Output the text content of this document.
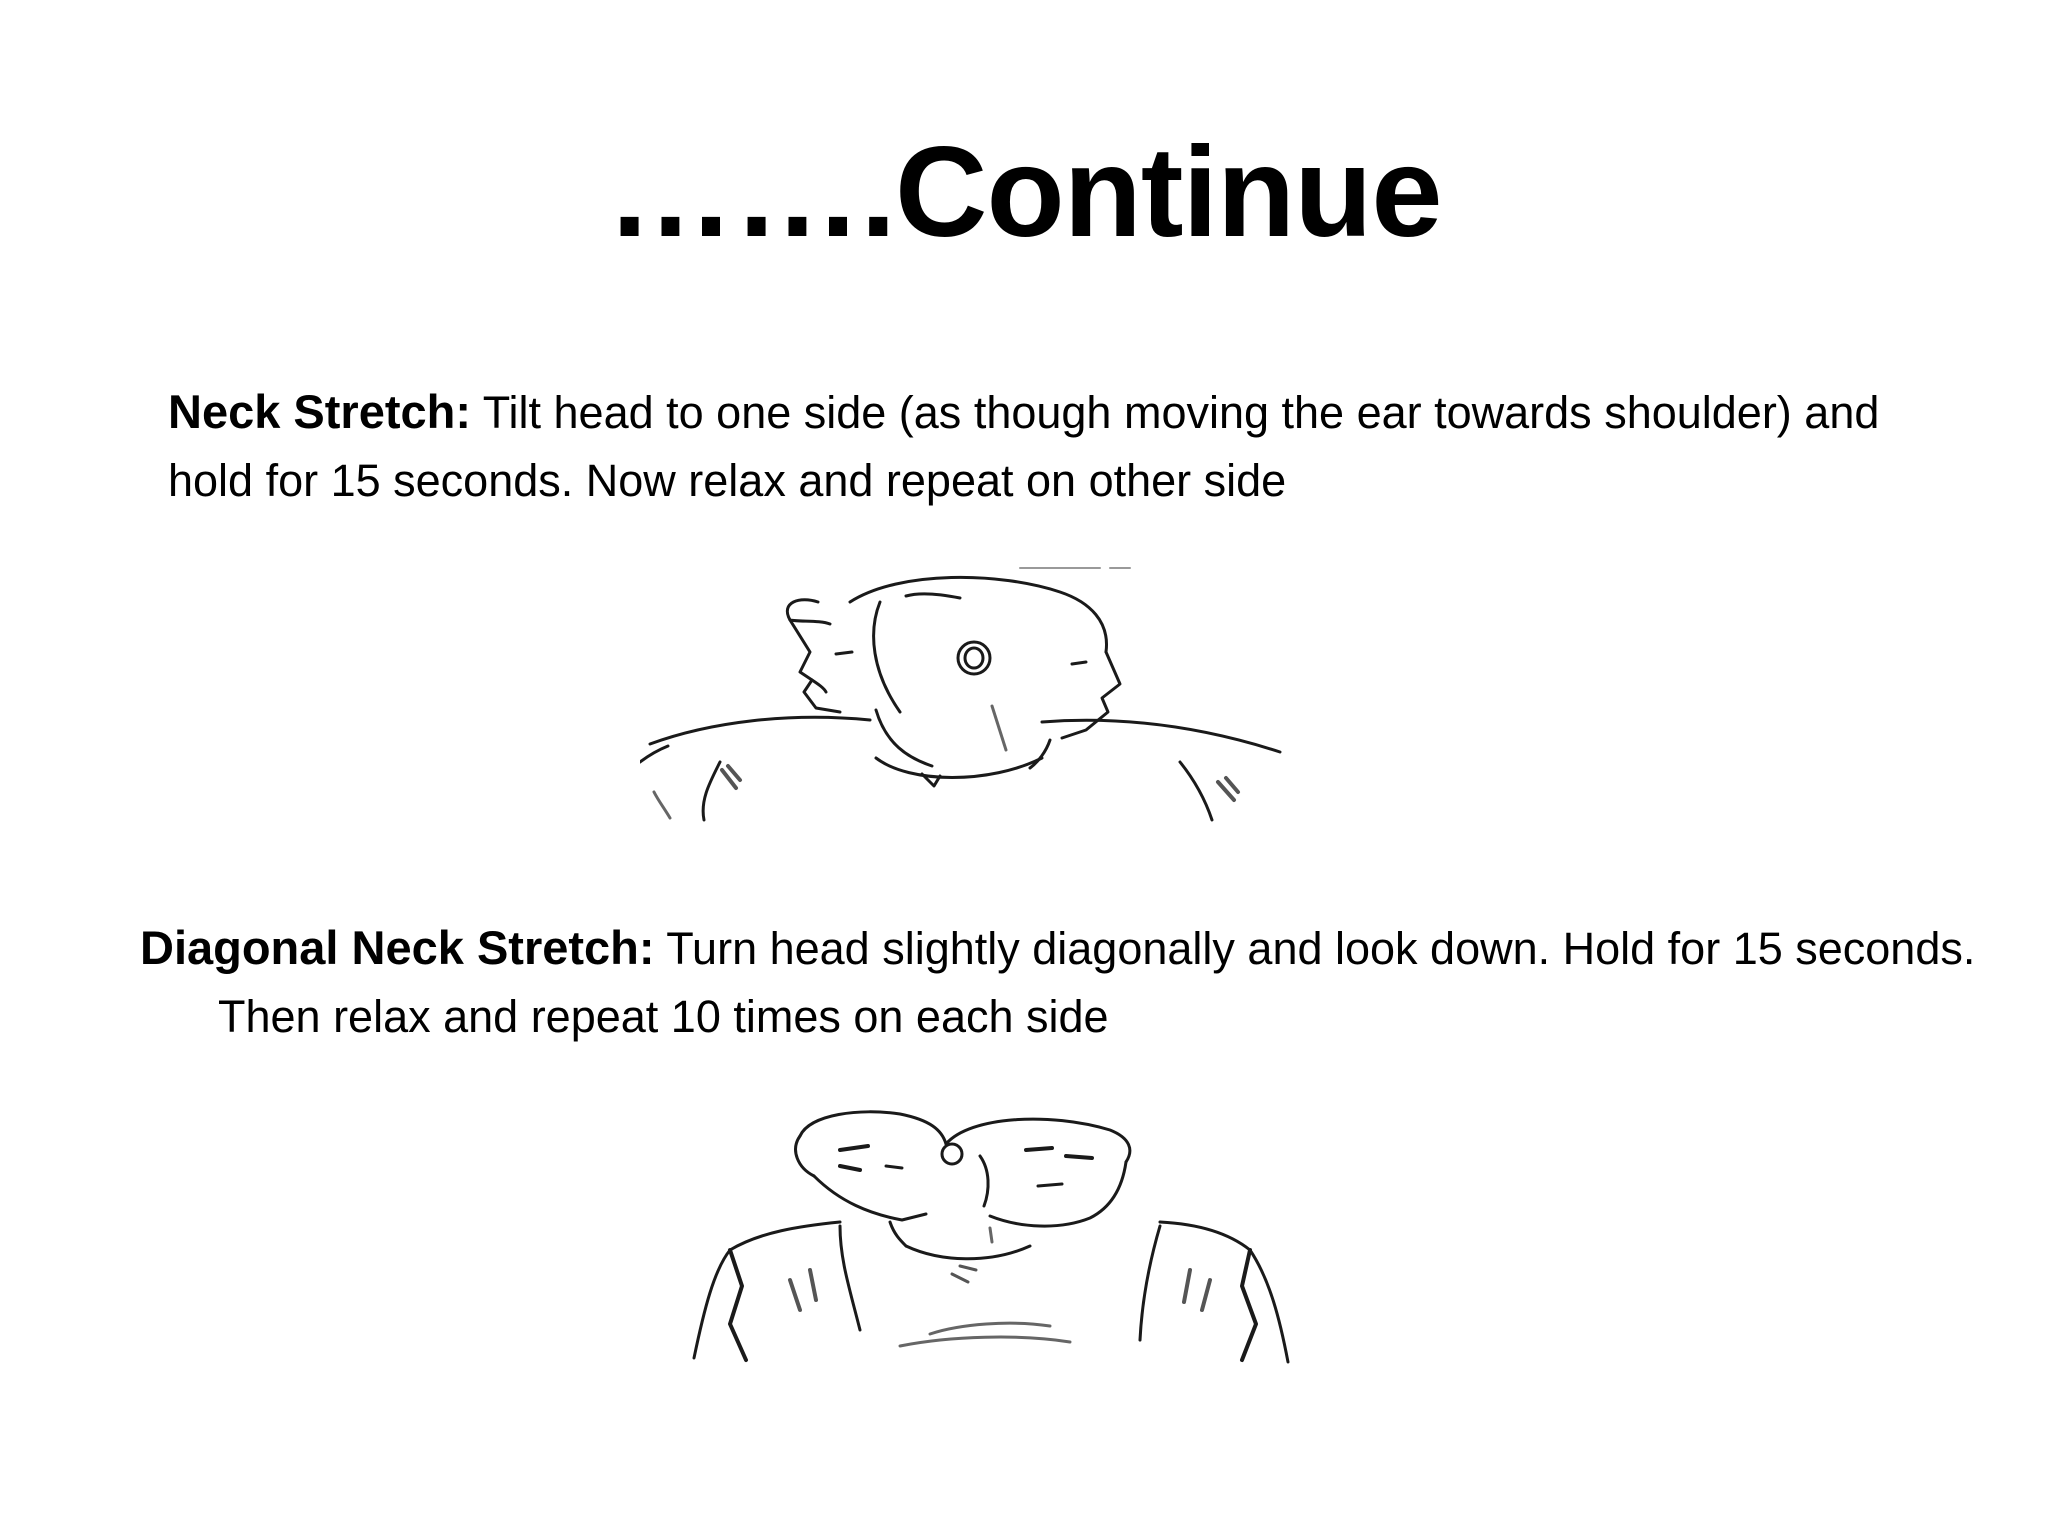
…….Continue
Neck Stretch: Tilt head to one side (as though moving the ear towards shoulder) and hold for 15 seconds. Now relax and repeat on other side
Diagonal Neck Stretch: Turn head slightly diagonally and look down. Hold for 15 seconds. Then relax and repeat 10 times on each side
